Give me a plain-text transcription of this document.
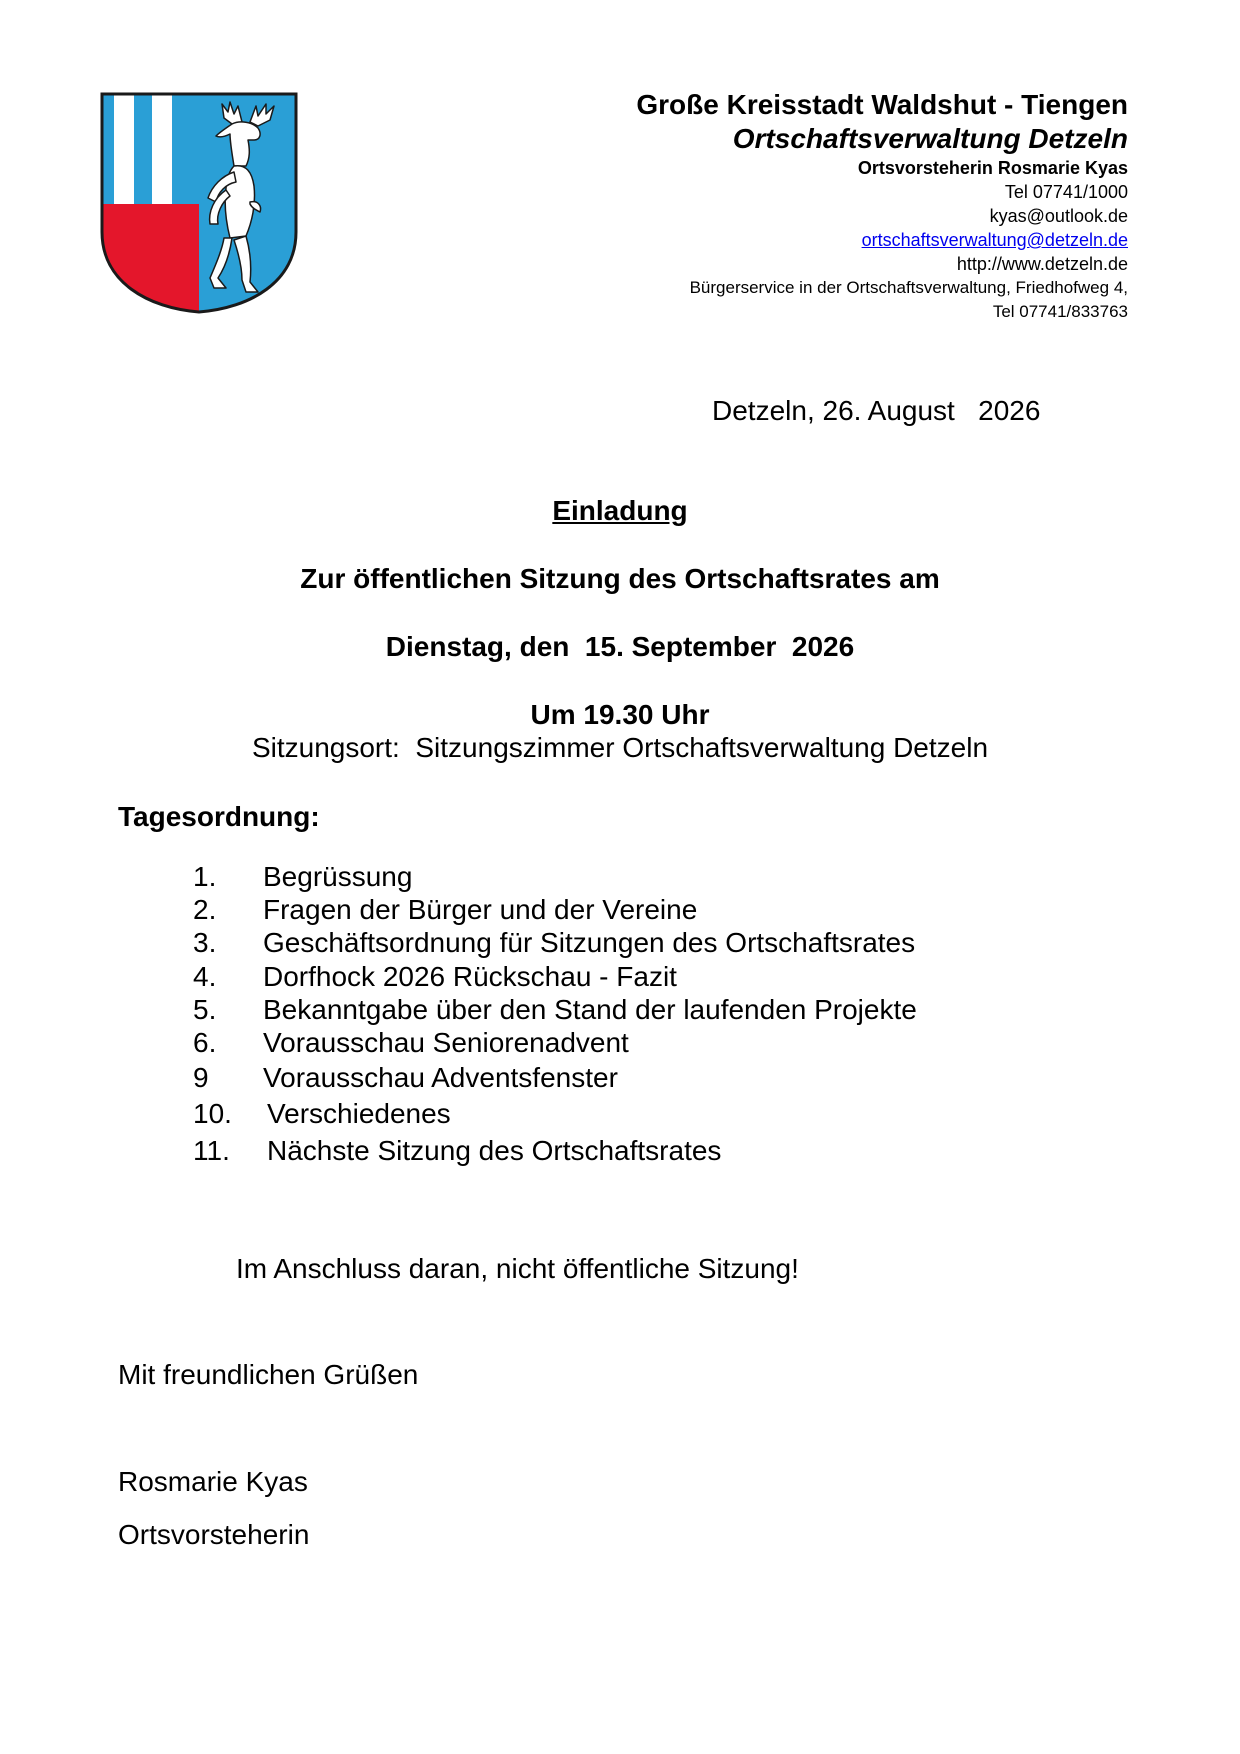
Große Kreisstadt Waldshut - Tiengen
Ortschaftsverwaltung Detzeln
Ortsvorsteherin Rosmarie Kyas
Tel 07741/1000
kyas@outlook.de
ortschaftsverwaltung@detzeln.de
http://www.detzeln.de
Bürgerservice in der Ortschaftsverwaltung, Friedhofweg 4,
Tel 07741/833763
Detzeln, 26. August   2026
Einladung
Zur öffentlichen Sitzung des Ortschaftsrates am
Dienstag, den  15. September  2026
Um 19.30 Uhr
Sitzungsort:  Sitzungszimmer Ortschaftsverwaltung Detzeln
Tagesordnung:
1. Begrüssung
2. Fragen der Bürger und der Vereine
3. Geschäftsordnung für Sitzungen des Ortschaftsrates
4. Dorfhock 2026 Rückschau - Fazit
5. Bekanntgabe über den Stand der laufenden Projekte
6. Vorausschau Seniorenadvent
9 Vorausschau Adventsfenster
10. Verschiedenes
11. Nächste Sitzung des Ortschaftsrates
Im Anschluss daran, nicht öffentliche Sitzung!
Mit freundlichen Grüßen
Rosmarie Kyas
Ortsvorsteherin
